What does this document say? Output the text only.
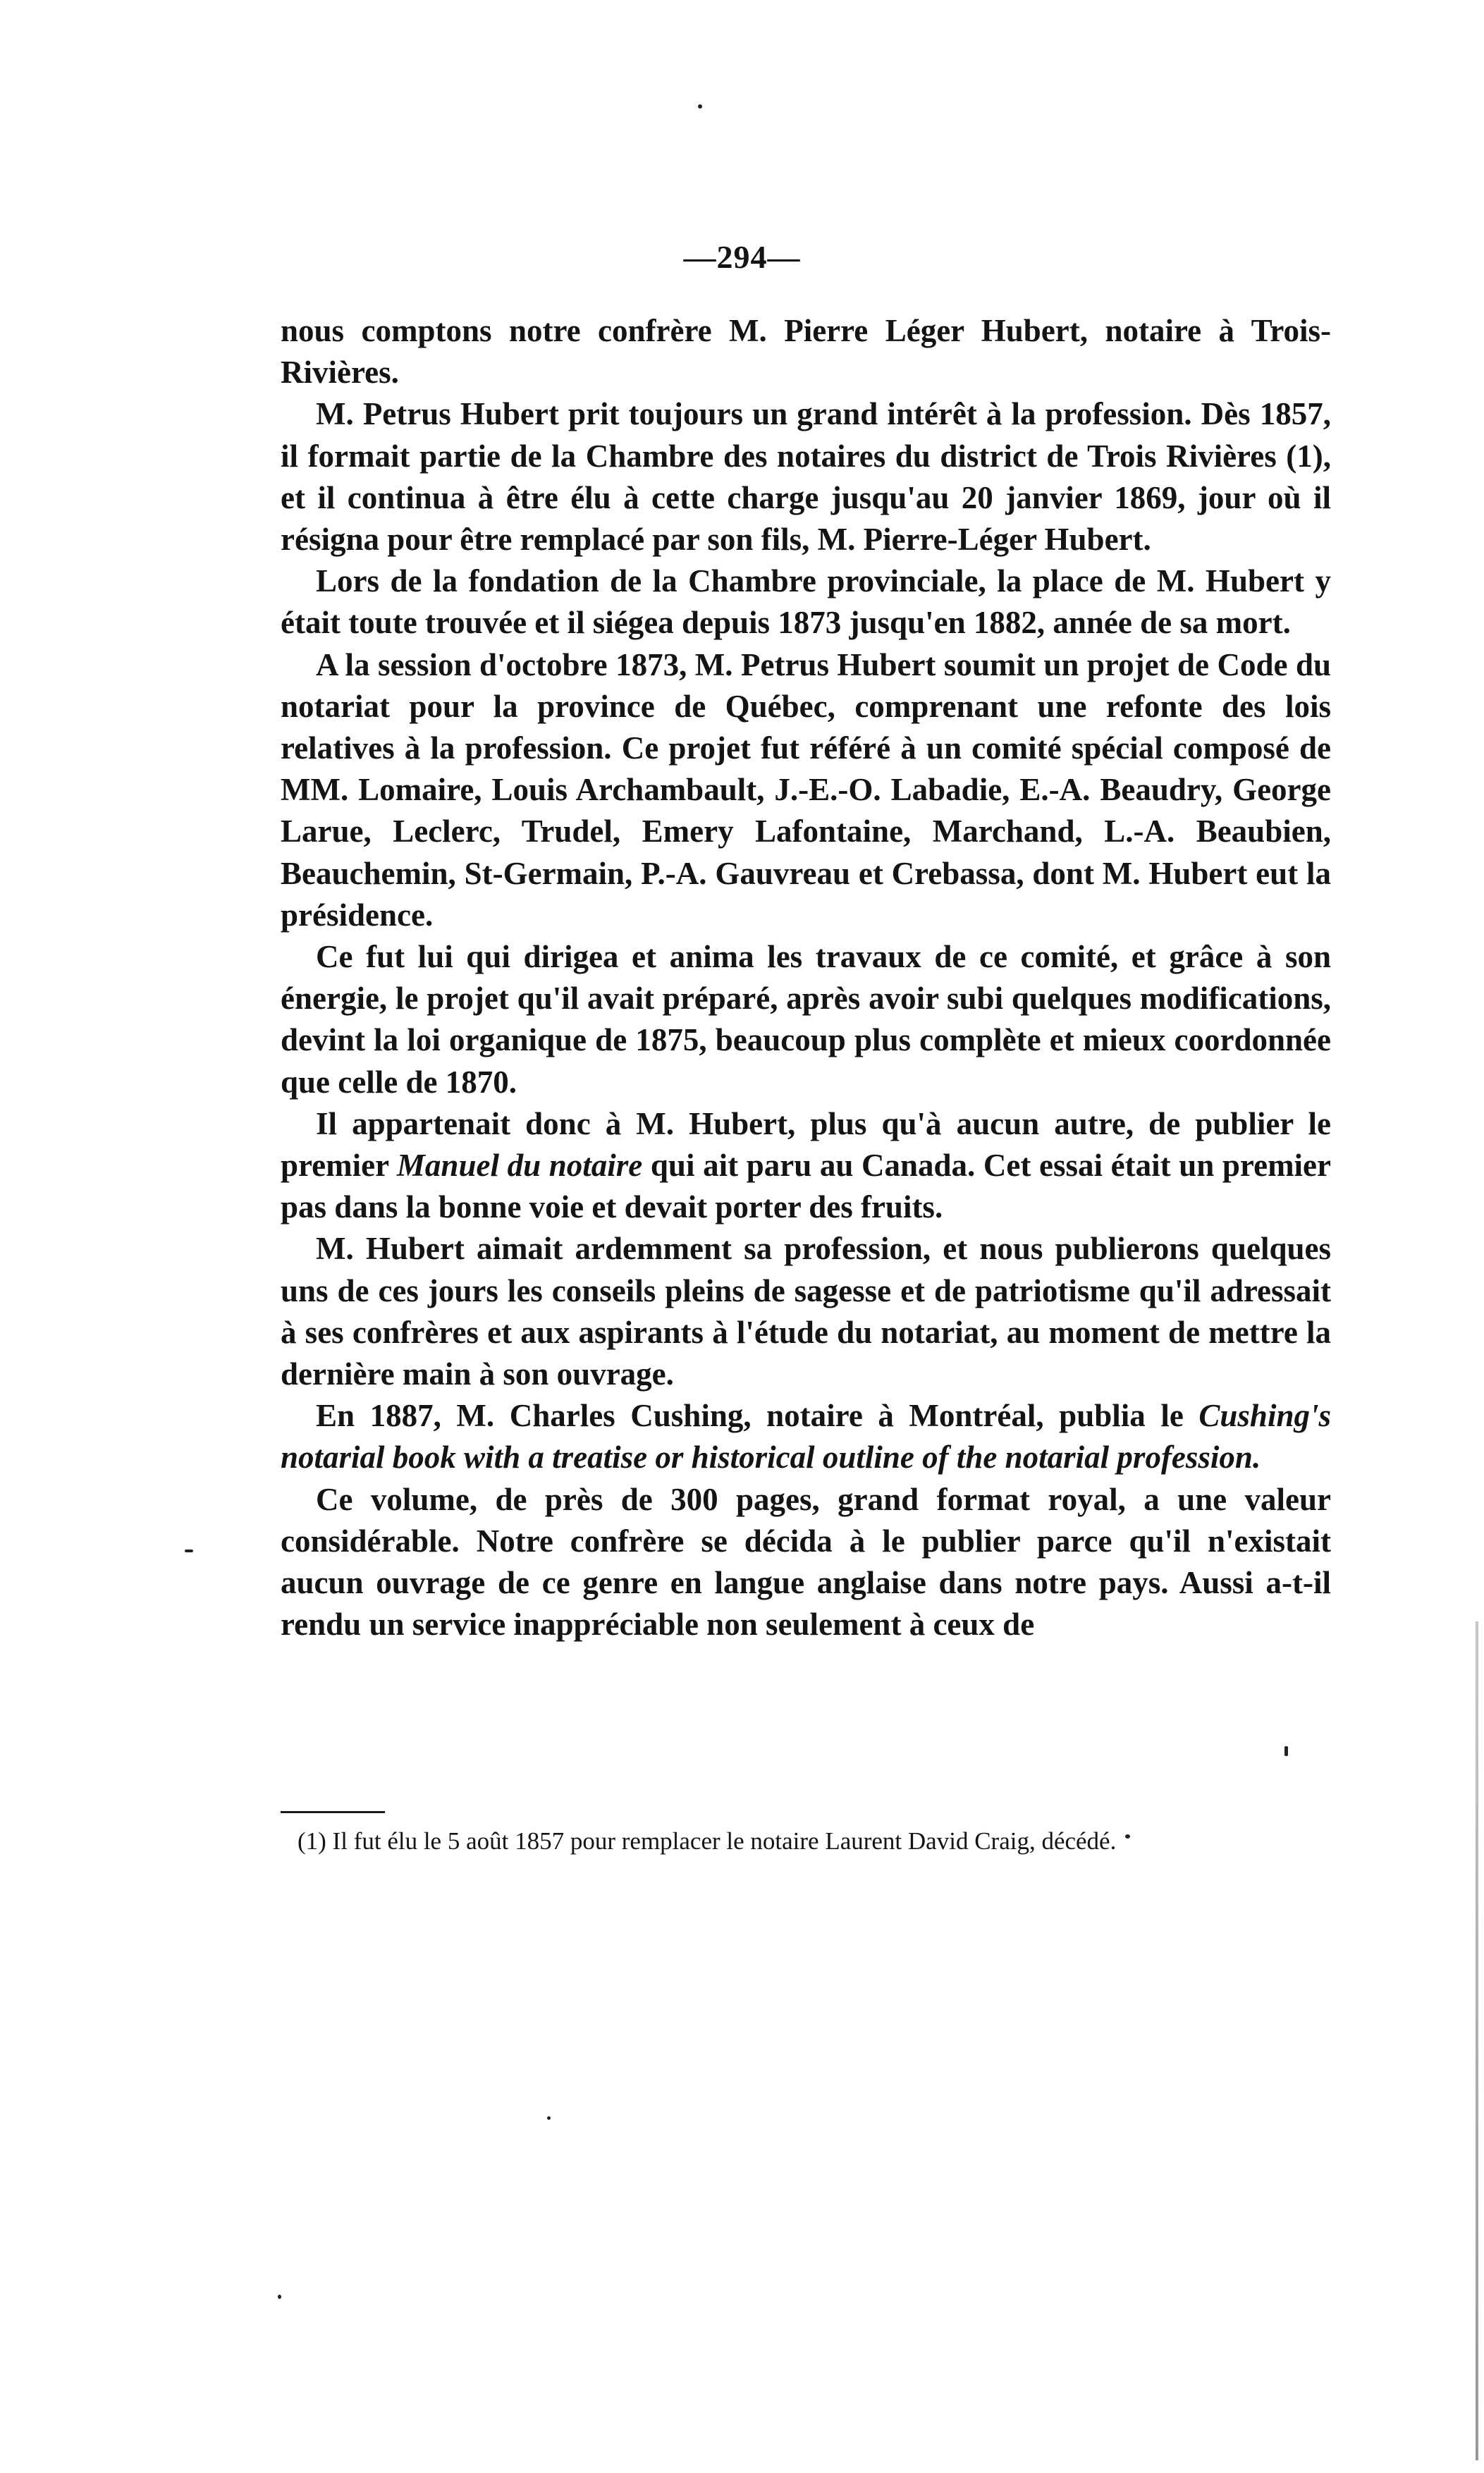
—294—

nous comptons notre confrère M. Pierre Léger Hubert, notaire à Trois-Rivières.

M. Petrus Hubert prit toujours un grand intérêt à la profession. Dès 1857, il formait partie de la Chambre des notaires du district de Trois Rivières (1), et il continua à être élu à cette charge jusqu'au 20 janvier 1869, jour où il résigna pour être remplacé par son fils, M. Pierre-Léger Hubert.

Lors de la fondation de la Chambre provinciale, la place de M. Hubert y était toute trouvée et il siégea depuis 1873 jusqu'en 1882, année de sa mort.

A la session d'octobre 1873, M. Petrus Hubert soumit un projet de Code du notariat pour la province de Québec, comprenant une refonte des lois relatives à la profession. Ce projet fut référé à un comité spécial composé de MM. Lomaire, Louis Archambault, J.-E.-O. Labadie, E.-A. Beaudry, George Larue, Leclerc, Trudel, Emery Lafontaine, Marchand, L.-A. Beaubien, Beauchemin, St-Germain, P.-A. Gauvreau et Crebassa, dont M. Hubert eut la présidence.

Ce fut lui qui dirigea et anima les travaux de ce comité, et grâce à son énergie, le projet qu'il avait préparé, après avoir subi quelques modifications, devint la loi organique de 1875, beaucoup plus complète et mieux coordonnée que celle de 1870.

Il appartenait donc à M. Hubert, plus qu'à aucun autre, de publier le premier Manuel du notaire qui ait paru au Canada. Cet essai était un premier pas dans la bonne voie et devait porter des fruits.

M. Hubert aimait ardemment sa profession, et nous publierons quelques uns de ces jours les conseils pleins de sagesse et de patriotisme qu'il adressait à ses confrères et aux aspirants à l'étude du notariat, au moment de mettre la dernière main à son ouvrage.

En 1887, M. Charles Cushing, notaire à Montréal, publia le Cushing's notarial book with a treatise or historical outline of the notarial profession.

Ce volume, de près de 300 pages, grand format royal, a une valeur considérable. Notre confrère se décida à le publier parce qu'il n'existait aucun ouvrage de ce genre en langue anglaise dans notre pays. Aussi a-t-il rendu un service inappréciable non seulement à ceux de

(1) Il fut élu le 5 août 1857 pour remplacer le notaire Laurent David Craig, décédé.
